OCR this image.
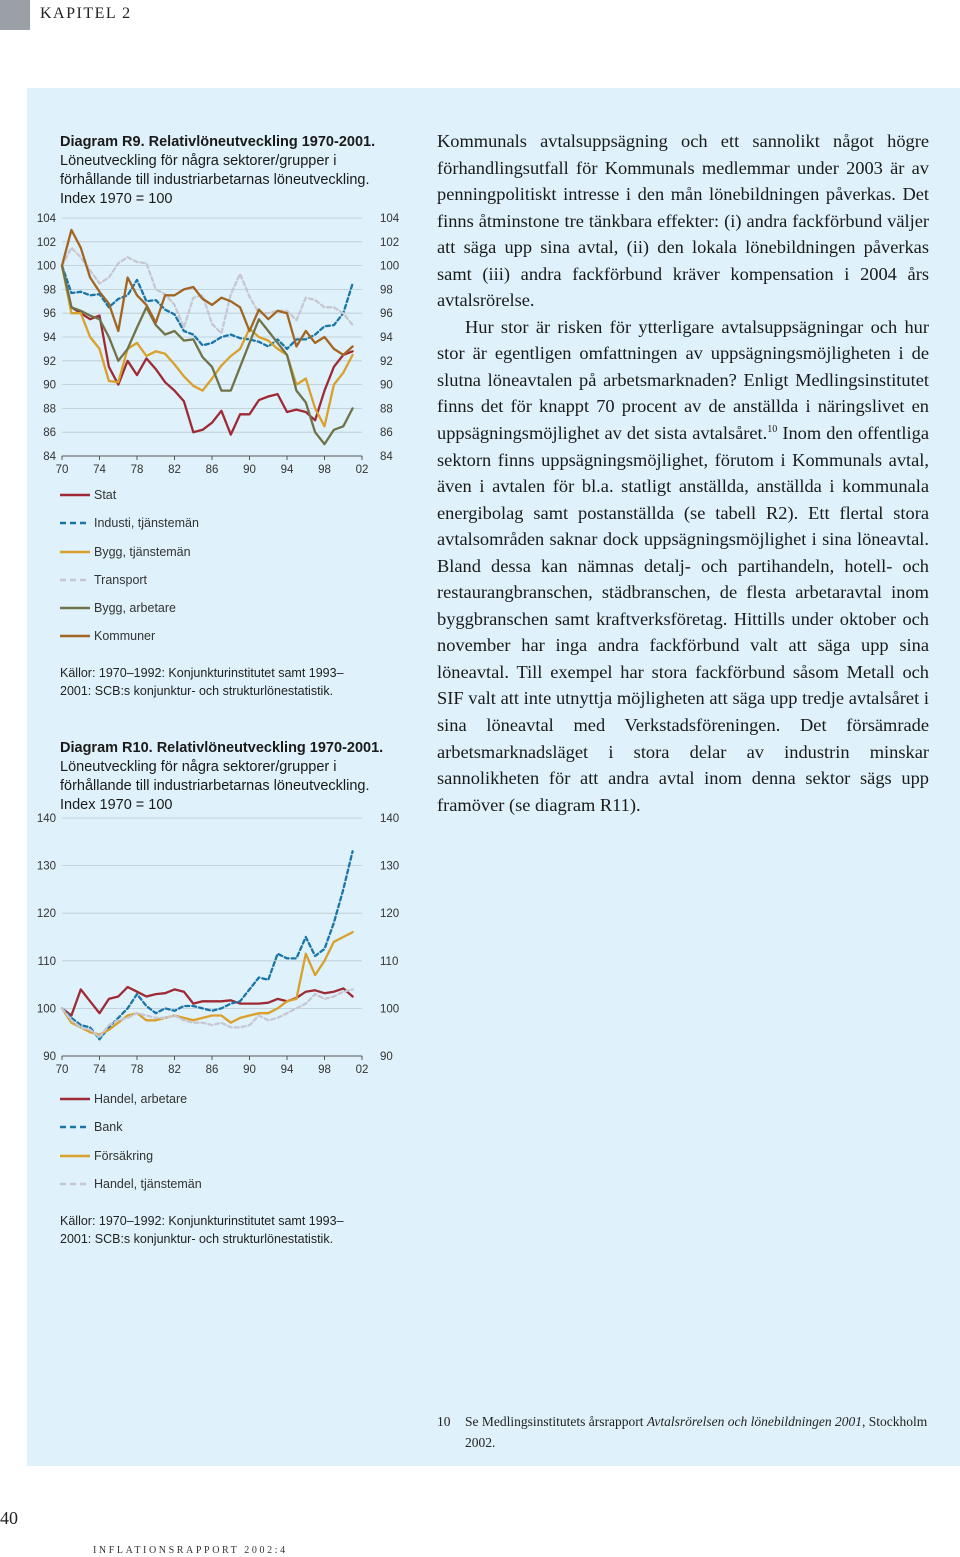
KAPITEL 2
Diagram R9. Relativlöneutveckling 1970-2001.
Löneutveckling för några sektorer/grupper i
förhållande till industriarbetarnas löneutveckling.
Index 1970 = 100
84	84
86	86
88	88
90	90
92	92
94	94
96	96
98	98
100	100
102	102
104	104
70 74 78 82 86 90 94 98 02
Stat
Industi, tjänstemän
Bygg, tjänstemän
Transport
Bygg, arbetare
Kommuner
Källor: 1970–1992: Konjunkturinstitutet samt 1993–
2001: SCB:s konjunktur- och strukturlönestatistik.
Diagram R10. Relativlöneutveckling 1970-2001.
Löneutveckling för några sektorer/grupper i
förhållande till industriarbetarnas löneutveckling.
Index 1970 = 100
90	90
100	100
110	110
120	120
130	130
140	140
70 74 78 82 86 90 94 98 02
Handel, arbetare
Bank
Försäkring
Handel, tjänstemän
Källor: 1970–1992: Konjunkturinstitutet samt 1993–
2001: SCB:s konjunktur- och strukturlönestatistik.

Kommunals avtalsuppsägning och ett sannolikt något högre förhandlingsutfall för Kommunals medlemmar under 2003 är av penningpolitiskt intresse i den mån lönebildningen påverkas. Det finns åtminstone tre tänkbara effekter: (i) andra fackförbund väljer att säga upp sina avtal, (ii) den lokala lönebildningen påverkas samt (iii) andra fackförbund kräver kompensation i 2004 års avtalsrörelse.

Hur stor är risken för ytterligare avtalsuppsägningar och hur stor är egentligen omfattningen av uppsägningsmöjligheten i de slutna löneavtalen på arbetsmarknaden? Enligt Medlingsinstitutet finns det för knappt 70 procent av de anställda i näringslivet en uppsägningsmöjlighet av det sista avtalsåret.$^{10}$ Inom den offentliga sektorn finns uppsägningsmöjlighet, förutom i Kommunals avtal, även i avtalen för bl.a. statligt anställda, anställda i kommunala energibolag samt postanställda (se tabell R2). Ett flertal stora avtalsområden saknar dock uppsägningsmöjlighet i sina löneavtal. Bland dessa kan nämnas detalj- och partihandeln, hotell- och restaurangbranschen, städbranschen, de flesta arbetaravtal inom byggbranschen samt kraftverksföretag. Hittills under oktober och november har inga andra fackförbund valt att säga upp sina löneavtal. Till exempel har stora fackförbund såsom Metall och SIF valt att inte utnyttja möjligheten att säga upp tredje avtalsåret i sina löneavtal med Verkstadsföreningen. Det försämrade arbetsmarknadsläget i stora delar av industrin minskar sannolikheten för att andra avtal inom denna sektor sägs upp framöver (se diagram R11).

10 Se Medlingsinstitutets årsrapport Avtalsrörelsen och lönebildningen 2001, Stockholm
2002.
40
INFLATIONSRAPPORT 2002:4
